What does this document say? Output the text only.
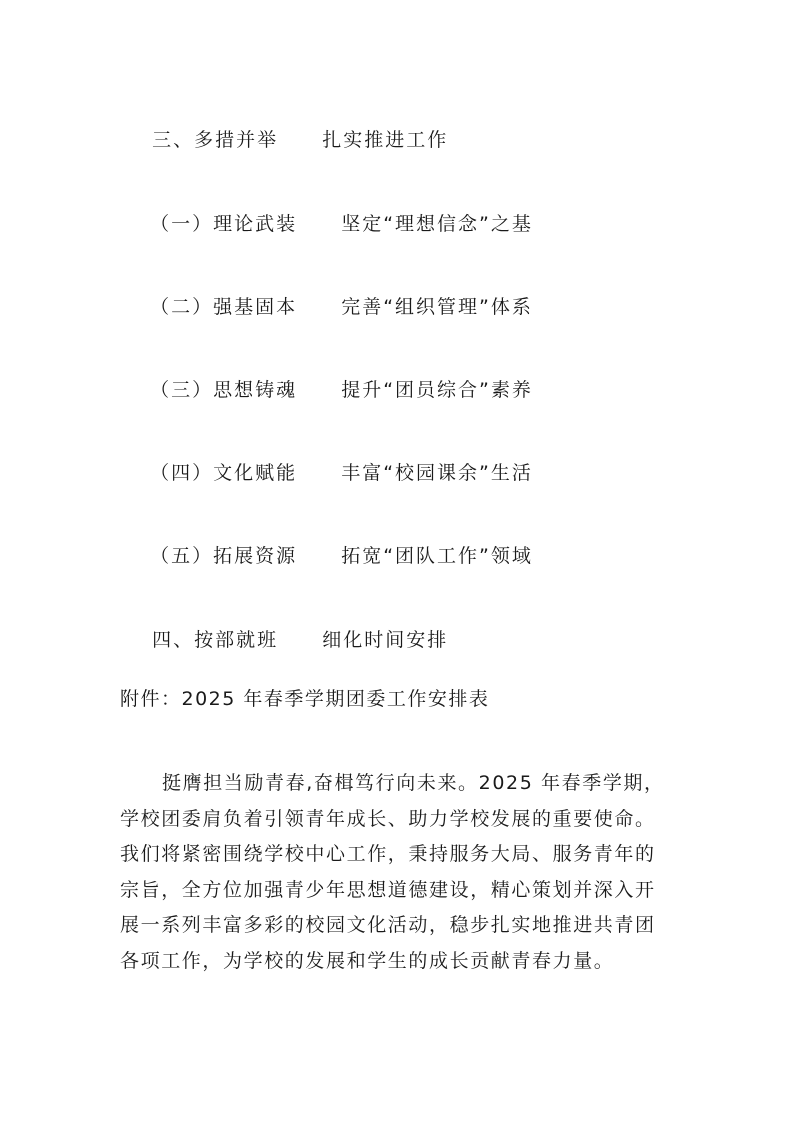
三、多措并举 扎实推进工作

（一）理论武装 坚定“理想信念”之基

（二）强基固本 完善“组织管理”体系

（三）思想铸魂 提升“团员综合”素养

（四）文化赋能 丰富“校园课余”生活

（五）拓展资源 拓宽“团队工作”领域

四、按部就班 细化时间安排

附件：2025 年春季学期团委工作安排表
挺膺担当励青春,奋楫笃行向未来。2025 年春季学期，
学校团委肩负着引领青年成长、助力学校发展的重要使命。
我们将紧密围绕学校中心工作，秉持服务大局、服务青年的
宗旨，全方位加强青少年思想道德建设，精心策划并深入开
展一系列丰富多彩的校园文化活动，稳步扎实地推进共青团
各项工作，为学校的发展和学生的成长贡献青春力量。
